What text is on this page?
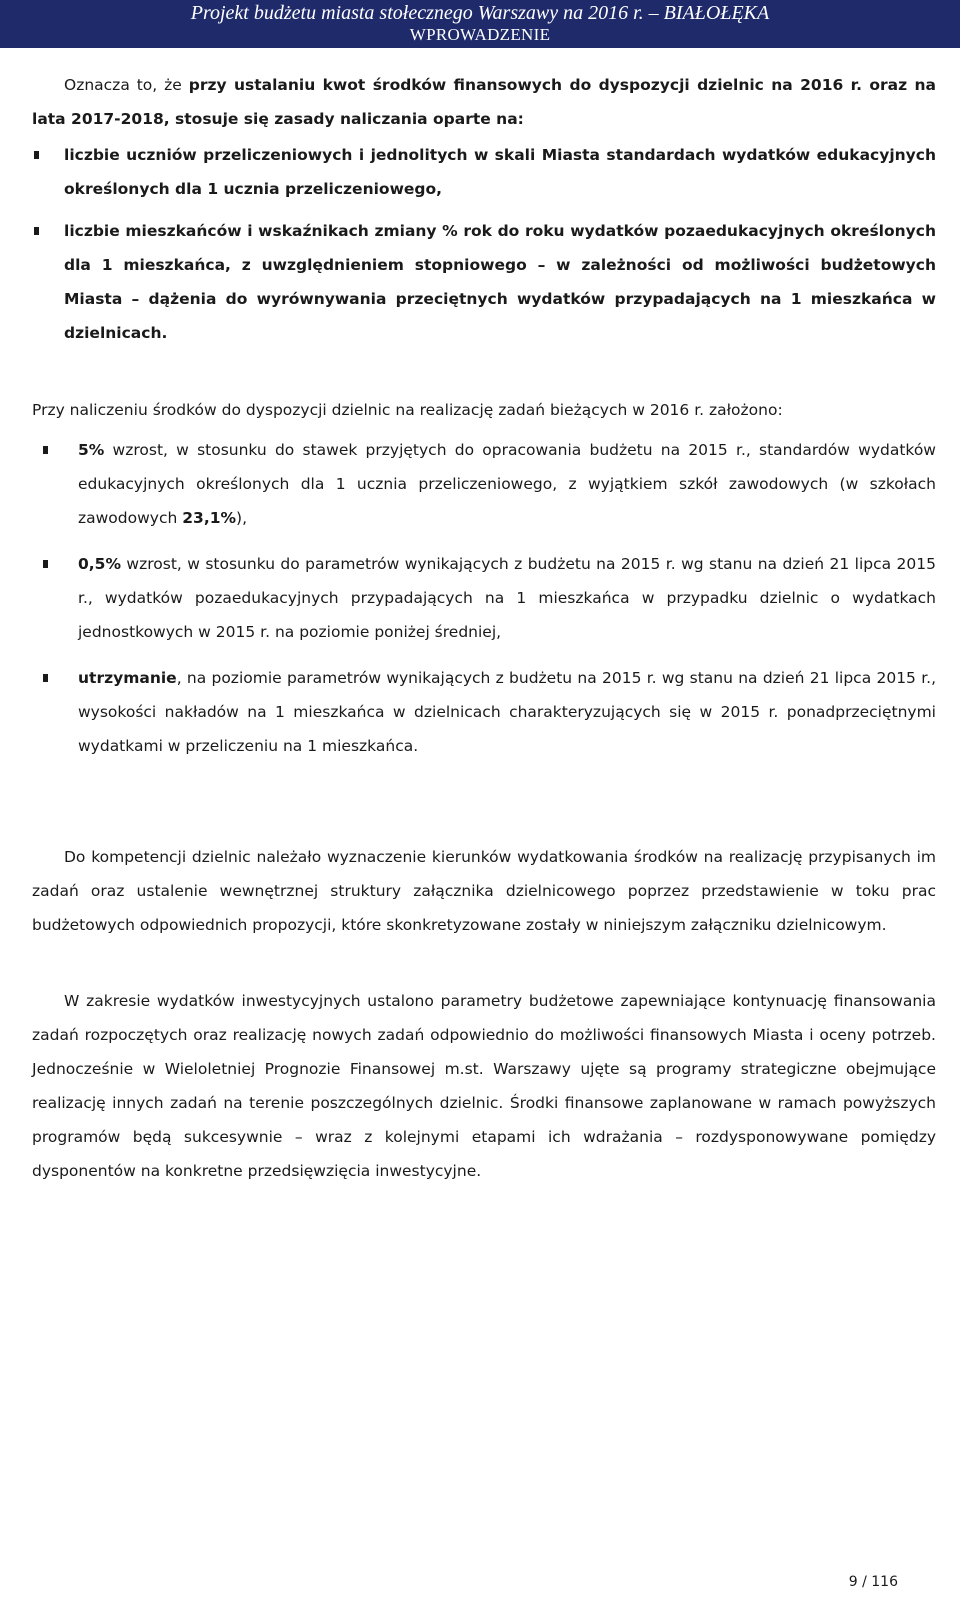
Projekt budżetu miasta stołecznego Warszawy na 2016 r. – BIAŁOŁĘKA
WPROWADZENIE
Oznacza to, że przy ustalaniu kwot środków finansowych do dyspozycji dzielnic na 2016 r. oraz na lata 2017-2018, stosuje się zasady naliczania oparte na:
liczbie uczniów przeliczeniowych i jednolitych w skali Miasta standardach wydatków edukacyjnych określonych dla 1 ucznia przeliczeniowego,
liczbie mieszkańców i wskaźnikach zmiany % rok do roku wydatków pozaedukacyjnych określonych dla 1 mieszkańca, z uwzględnieniem stopniowego – w zależności od możliwości budżetowych Miasta – dążenia do wyrównywania przeciętnych wydatków przypadających na 1 mieszkańca w dzielnicach.
Przy naliczeniu środków do dyspozycji dzielnic na realizację zadań bieżących w 2016 r. założono:
5% wzrost, w stosunku do stawek przyjętych do opracowania budżetu na 2015 r., standardów wydatków edukacyjnych określonych dla 1 ucznia przeliczeniowego, z wyjątkiem szkół zawodowych (w szkołach zawodowych 23,1%),
0,5% wzrost, w stosunku do parametrów wynikających z budżetu na 2015 r. wg stanu na dzień 21 lipca 2015 r., wydatków pozaedukacyjnych przypadających na 1 mieszkańca w przypadku dzielnic o wydatkach jednostkowych w 2015 r. na poziomie poniżej średniej,
utrzymanie, na poziomie parametrów wynikających z budżetu na 2015 r. wg stanu na dzień 21 lipca 2015 r., wysokości nakładów na 1 mieszkańca w dzielnicach charakteryzujących się w 2015 r. ponadprzeciętnymi wydatkami w przeliczeniu na 1 mieszkańca.
Do kompetencji dzielnic należało wyznaczenie kierunków wydatkowania środków na realizację przypisanych im zadań oraz ustalenie wewnętrznej struktury załącznika dzielnicowego poprzez przedstawienie w toku prac budżetowych odpowiednich propozycji, które skonkretyzowane zostały w niniejszym załączniku dzielnicowym.
W zakresie wydatków inwestycyjnych ustalono parametry budżetowe zapewniające kontynuację finansowania zadań rozpoczętych oraz realizację nowych zadań odpowiednio do możliwości finansowych Miasta i oceny potrzeb. Jednocześnie w Wieloletniej Prognozie Finansowej m.st. Warszawy ujęte są programy strategiczne obejmujące realizację innych zadań na terenie poszczególnych dzielnic. Środki finansowe zaplanowane w ramach powyższych programów będą sukcesywnie – wraz z kolejnymi etapami ich wdrażania – rozdysponowywane pomiędzy dysponentów na konkretne przedsięwzięcia inwestycyjne.
9 / 116
